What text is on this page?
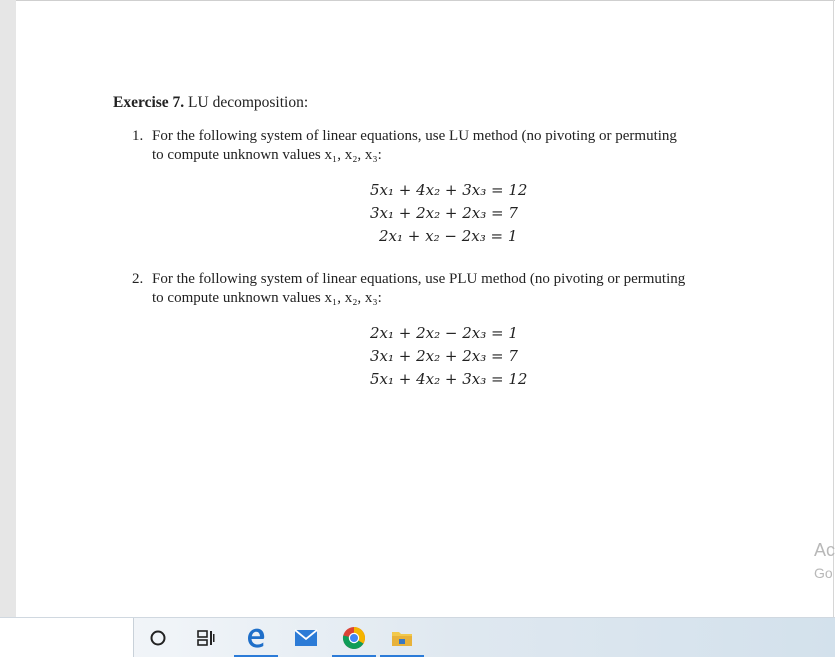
Exercise 7. LU decomposition:
1. For the following system of linear equations, use LU method (no pivoting or permuting

to compute unknown values x₁, x₂, x₃:

5x₁ + 4x₂ + 3x₃ = 12
3x₁ + 2x₂ + 2x₃ = 7
2x₁ + x₂ − 2x₃ = 1
2. For the following system of linear equations, use PLU method (no pivoting or permuting

to compute unknown values x₁, x₂, x₃:

2x₁ + 2x₂ − 2x₃ = 1
3x₁ + 2x₂ + 2x₃ = 7
5x₁ + 4x₂ + 3x₃ = 12
Ac
Go
